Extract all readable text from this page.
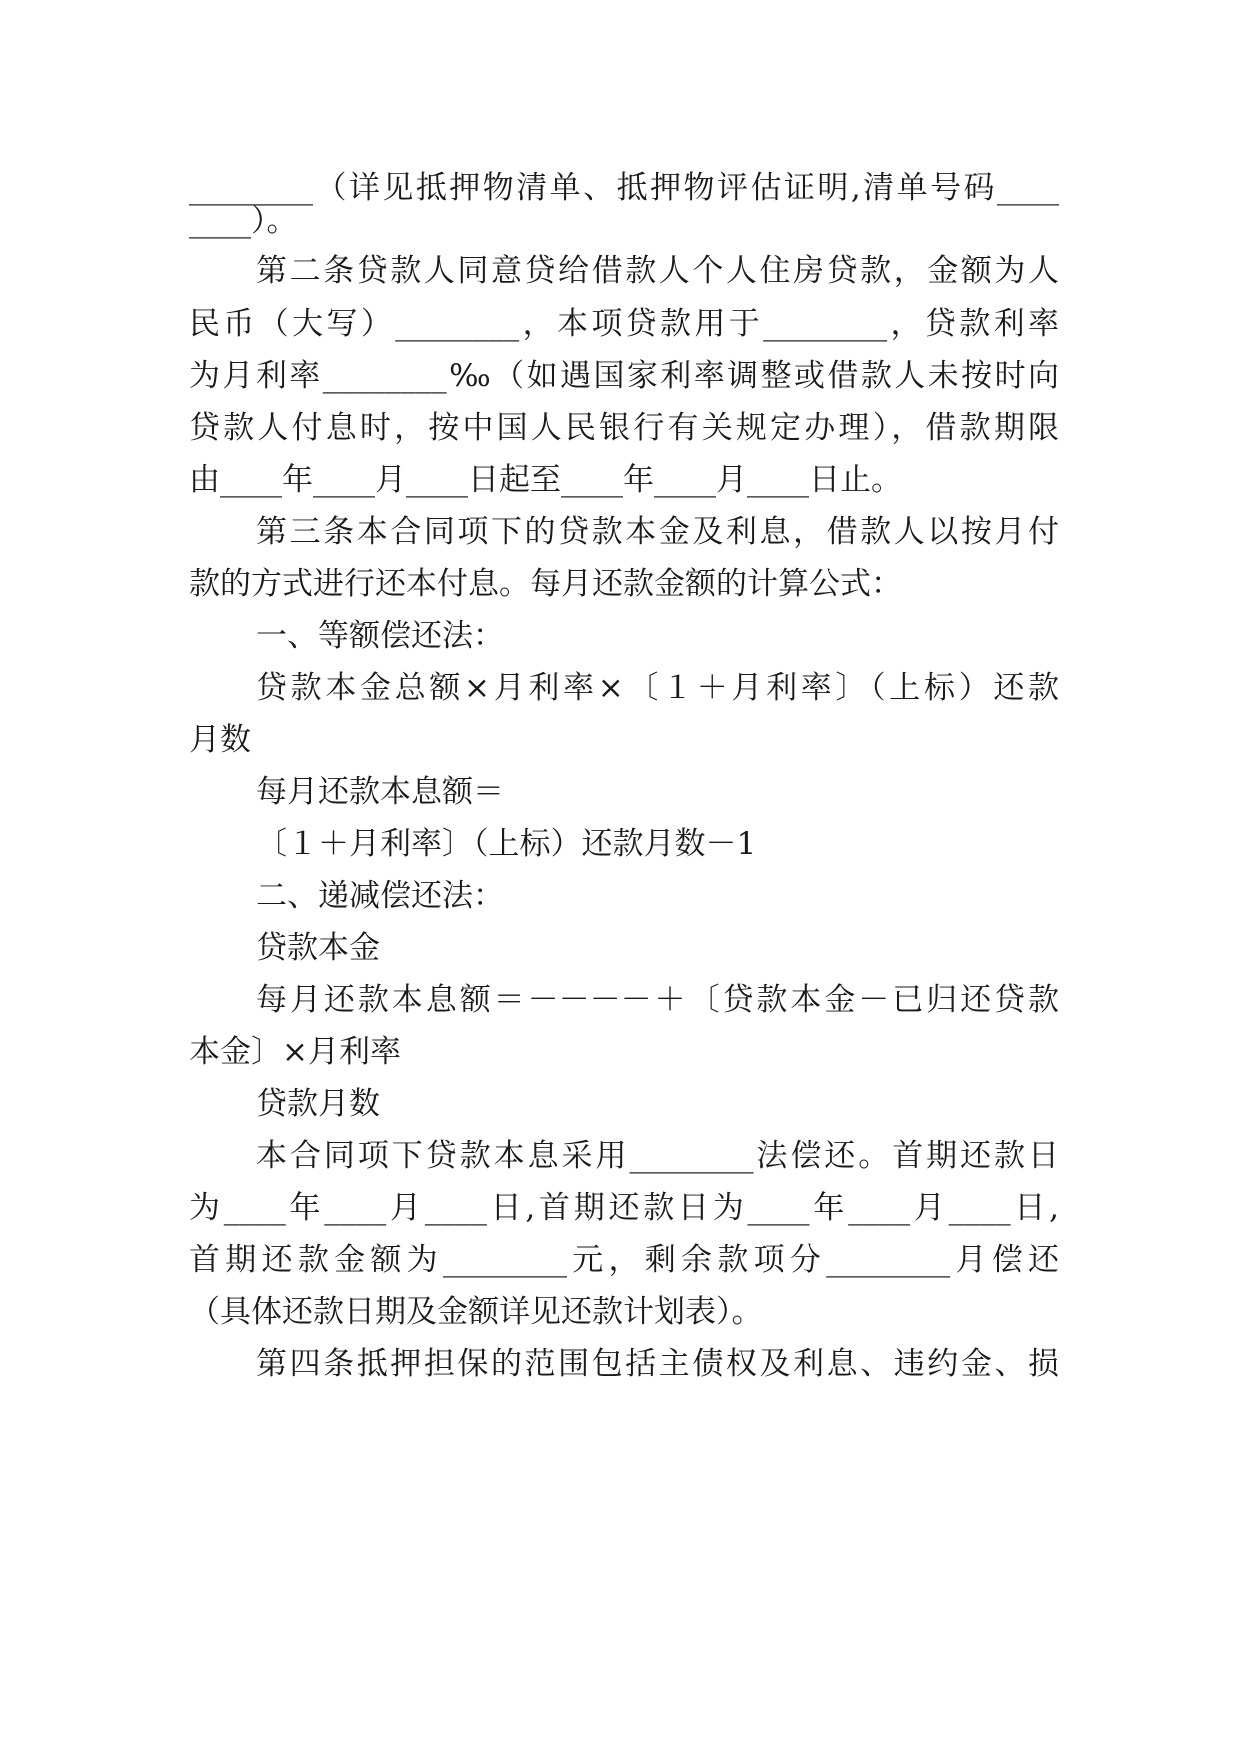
________（详见抵押物清单、抵押物评估证明,清单号码____
____）。
第二条贷款人同意贷给借款人个人住房贷款，金额为人
民币（大写）________，本项贷款用于________，贷款利率
为月利率________‰（如遇国家利率调整或借款人未按时向
贷款人付息时，按中国人民银行有关规定办理），借款期限
由____年____月____日起至____年____月____日止。
第三条本合同项下的贷款本金及利息，借款人以按月付
款的方式进行还本付息。每月还款金额的计算公式：
一、等额偿还法：
贷款本金总额×月利率×〔１＋月利率〕（上标）还款
月数
每月还款本息额＝
〔１＋月利率〕（上标）还款月数－1
二、递减偿还法：
贷款本金
每月还款本息额＝－－－－＋〔贷款本金－已归还贷款
本金〕×月利率
贷款月数
本合同项下贷款本息采用________法偿还。首期还款日
为____年____月____日,首期还款日为____年____月____日,
首期还款金额为________元，剩余款项分________月偿还
（具体还款日期及金额详见还款计划表）。
第四条抵押担保的范围包括主债权及利息、违约金、损
